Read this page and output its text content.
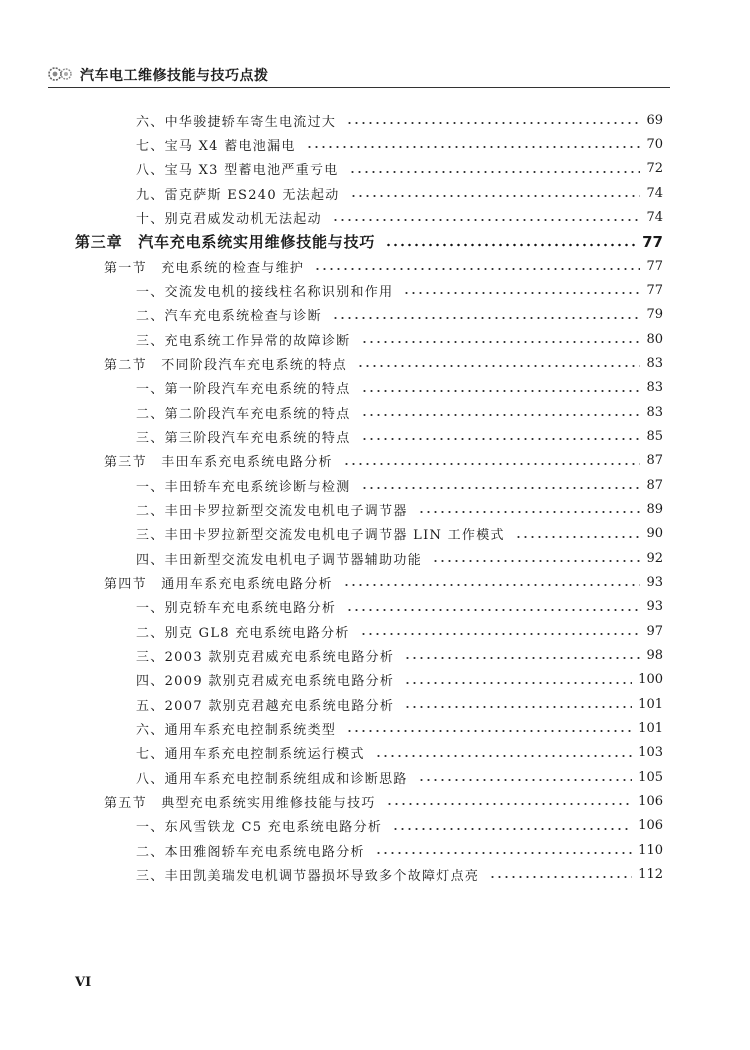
汽车电工维修技能与技巧点拨
六、中华骏捷轿车寄生电流过大	69
七、宝马 X4 蓄电池漏电	70
八、宝马 X3 型蓄电池严重亏电	72
九、雷克萨斯 ES240 无法起动	74
十、别克君威发动机无法起动	74
第三章　汽车充电系统实用维修技能与技巧	77
第一节　充电系统的检查与维护	77
一、交流发电机的接线柱名称识别和作用	77
二、汽车充电系统检查与诊断	79
三、充电系统工作异常的故障诊断	80
第二节　不同阶段汽车充电系统的特点	83
一、第一阶段汽车充电系统的特点	83
二、第二阶段汽车充电系统的特点	83
三、第三阶段汽车充电系统的特点	85
第三节　丰田车系充电系统电路分析	87
一、丰田轿车充电系统诊断与检测	87
二、丰田卡罗拉新型交流发电机电子调节器	89
三、丰田卡罗拉新型交流发电机电子调节器 LIN 工作模式	90
四、丰田新型交流发电机电子调节器辅助功能	92
第四节　通用车系充电系统电路分析	93
一、别克轿车充电系统电路分析	93
二、别克 GL8 充电系统电路分析	97
三、2003 款别克君威充电系统电路分析	98
四、2009 款别克君威充电系统电路分析	100
五、2007 款别克君越充电系统电路分析	101
六、通用车系充电控制系统类型	101
七、通用车系充电控制系统运行模式	103
八、通用车系充电控制系统组成和诊断思路	105
第五节　典型充电系统实用维修技能与技巧	106
一、东风雪铁龙 C5 充电系统电路分析	106
二、本田雅阁轿车充电系统电路分析	110
三、丰田凯美瑞发电机调节器损坏导致多个故障灯点亮	112
VI
